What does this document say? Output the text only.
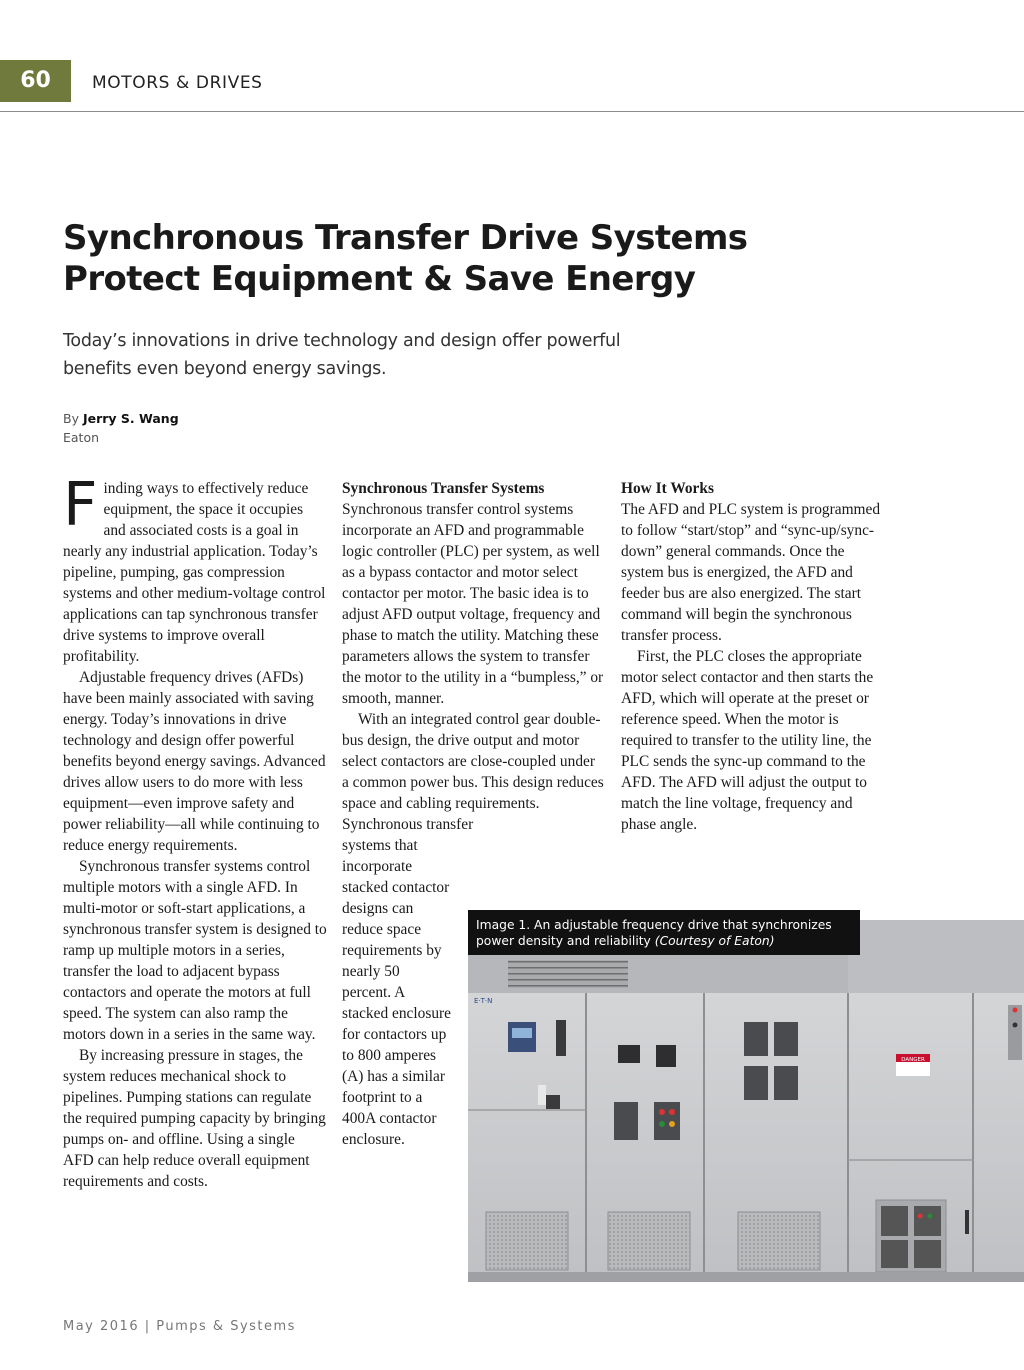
60	MOTORS & DRIVES
Synchronous Transfer Drive Systems
Protect Equipment & Save Energy
Today’s innovations in drive technology and design offer powerful benefits even beyond energy savings.
By Jerry S. Wang
Eaton

Finding ways to effectively reduce equipment, the space it occupies and associated costs is a goal in nearly any industrial application. Today’s pipeline, pumping, gas compression systems and other medium-voltage control applications can tap synchronous transfer drive systems to improve overall profitability.

Adjustable frequency drives (AFDs) have been mainly associated with saving energy. Today’s innovations in drive technology and design offer powerful benefits beyond energy savings. Advanced drives allow users to do more with less equipment—even improve safety and power reliability—all while continuing to reduce energy requirements.

Synchronous transfer systems control multiple motors with a single AFD. In multi-motor or soft-start applications, a synchronous transfer system is designed to ramp up multiple motors in a series, transfer the load to adjacent bypass contactors and operate the motors at full speed. The system can also ramp the motors down in a series in the same way.

By increasing pressure in stages, the system reduces mechanical shock to pipelines. Pumping stations can regulate the required pumping capacity by bringing pumps on- and offline. Using a single AFD can help reduce overall equipment requirements and costs.

Synchronous Transfer Systems

Synchronous transfer control systems incorporate an AFD and programmable logic controller (PLC) per system, as well as a bypass contactor and motor select contactor per motor. The basic idea is to adjust AFD output voltage, frequency and phase to match the utility. Matching these parameters allows the system to transfer the motor to the utility in a “bumpless,” or smooth, manner.

With an integrated control gear double-bus design, the drive output and motor select contactors are close-coupled under a common power bus. This design reduces space and cabling requirements. Synchronous transfer

systems that incorporate stacked contactor designs can reduce space requirements by nearly 50 percent. A stacked enclosure for contactors up to 800 amperes (A) has a similar footprint to a 400A contactor enclosure.

How It Works

The AFD and PLC system is programmed to follow “start/stop” and “sync-up/sync-down” general commands. Once the system bus is energized, the AFD and feeder bus are also energized. The start command will begin the synchronous transfer process.

First, the PLC closes the appropriate motor select contactor and then starts the AFD, which will operate at the preset or reference speed. When the motor is required to transfer to the utility line, the PLC sends the sync-up command to the AFD. The AFD will adjust the output to match the line voltage, frequency and phase angle.

Image 1. An adjustable frequency drive that synchronizes power density and reliability (Courtesy of Eaton)
E·T·N
DANGER
May 2016 | Pumps & Systems
